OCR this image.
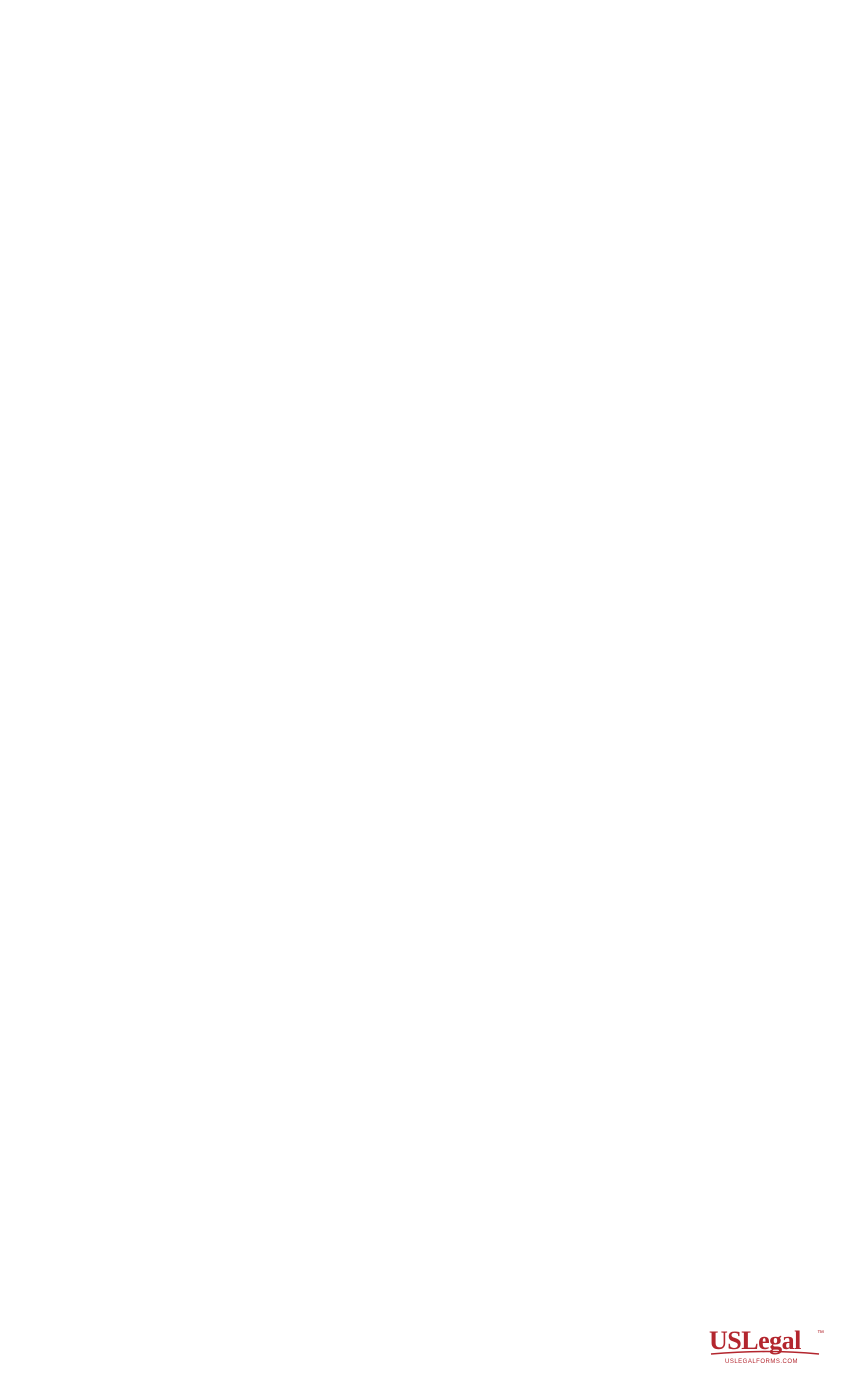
USLegal ™
USLEGALFORMS.COM
